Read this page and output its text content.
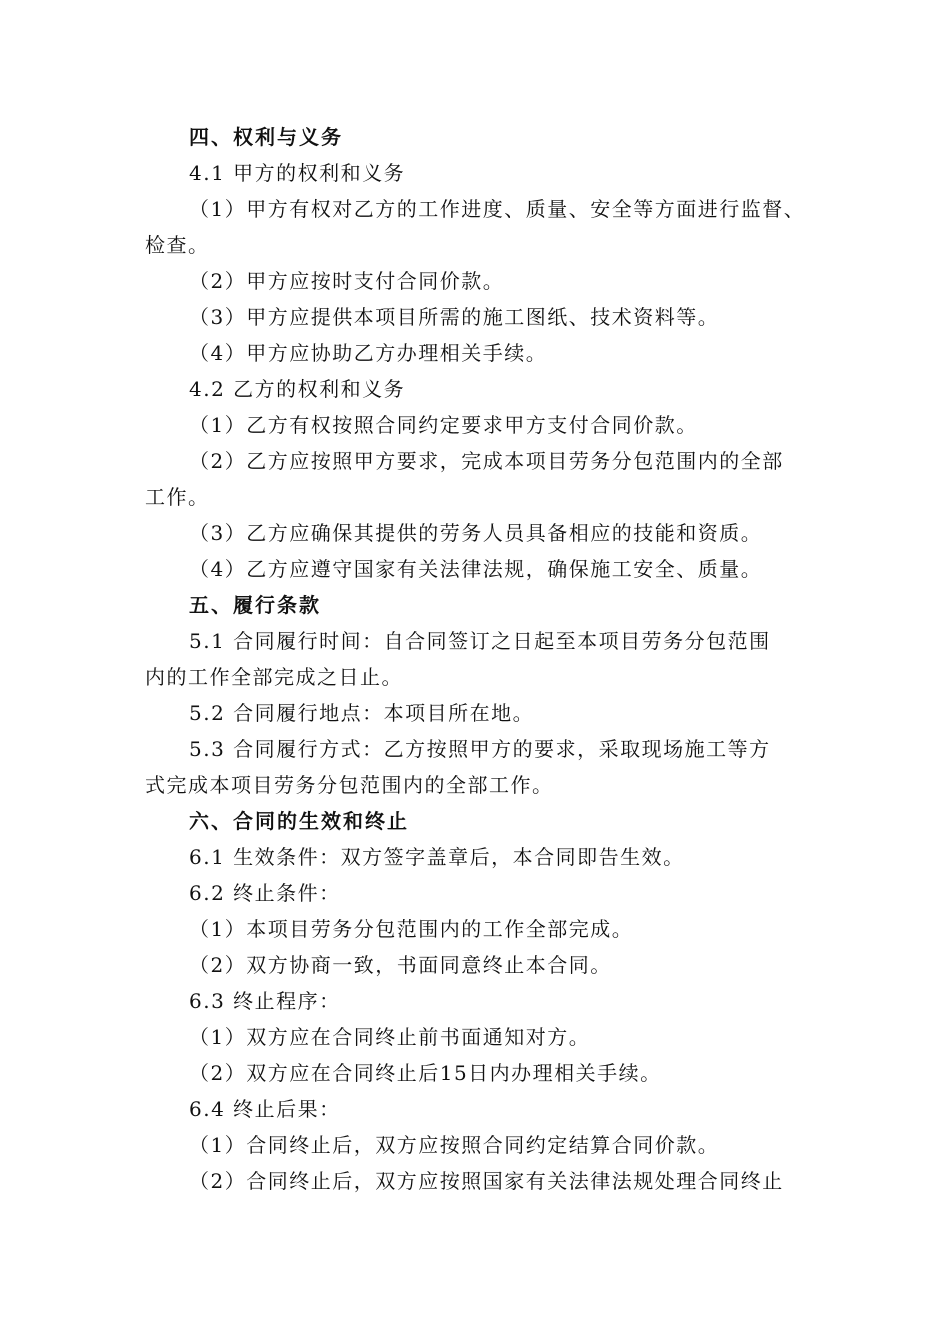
四、权利与义务
4.1 甲方的权利和义务
（1）甲方有权对乙方的工作进度、质量、安全等方面进行监督、
检查。
（2）甲方应按时支付合同价款。
（3）甲方应提供本项目所需的施工图纸、技术资料等。
（4）甲方应协助乙方办理相关手续。
4.2 乙方的权利和义务
（1）乙方有权按照合同约定要求甲方支付合同价款。
（2）乙方应按照甲方要求，完成本项目劳务分包范围内的全部
工作。
（3）乙方应确保其提供的劳务人员具备相应的技能和资质。
（4）乙方应遵守国家有关法律法规，确保施工安全、质量。
五、履行条款
5.1 合同履行时间：自合同签订之日起至本项目劳务分包范围
内的工作全部完成之日止。
5.2 合同履行地点：本项目所在地。
5.3 合同履行方式：乙方按照甲方的要求，采取现场施工等方
式完成本项目劳务分包范围内的全部工作。
六、合同的生效和终止
6.1 生效条件：双方签字盖章后，本合同即告生效。
6.2 终止条件：
（1）本项目劳务分包范围内的工作全部完成。
（2）双方协商一致，书面同意终止本合同。
6.3 终止程序：
（1）双方应在合同终止前书面通知对方。
（2）双方应在合同终止后15日内办理相关手续。
6.4 终止后果：
（1）合同终止后，双方应按照合同约定结算合同价款。
（2）合同终止后，双方应按照国家有关法律法规处理合同终止
